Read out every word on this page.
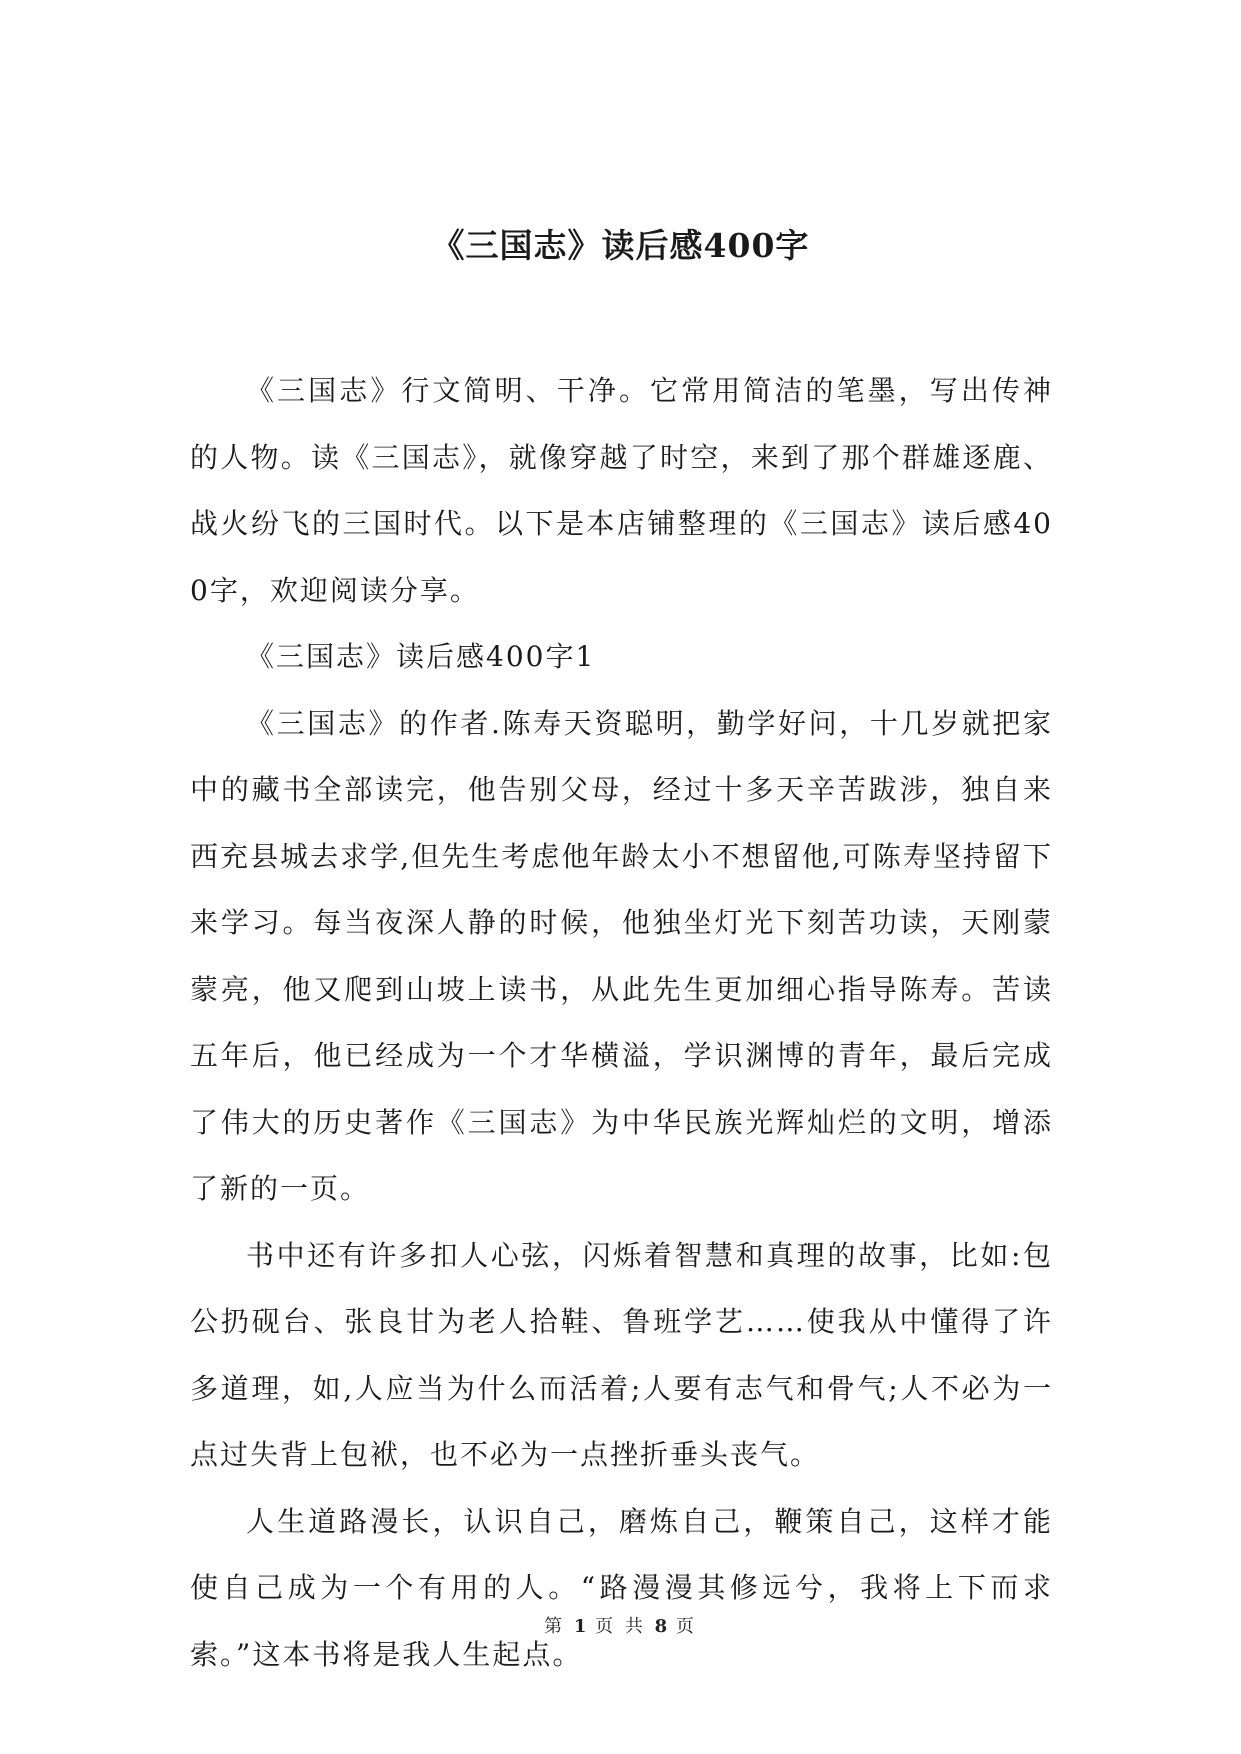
《三国志》读后感400字

《三国志》行文简明、干净。它常用简洁的笔墨，写出传神的人物。读《三国志》，就像穿越了时空，来到了那个群雄逐鹿、战火纷飞的三国时代。以下是本店铺整理的《三国志》读后感400字，欢迎阅读分享。

《三国志》读后感400字1

《三国志》的作者.陈寿天资聪明，勤学好问，十几岁就把家中的藏书全部读完，他告别父母，经过十多天辛苦跋涉，独自来西充县城去求学,但先生考虑他年龄太小不想留他,可陈寿坚持留下来学习。每当夜深人静的时候，他独坐灯光下刻苦功读，天刚蒙蒙亮，他又爬到山坡上读书，从此先生更加细心指导陈寿。苦读五年后，他已经成为一个才华横溢，学识渊博的青年，最后完成了伟大的历史著作《三国志》为中华民族光辉灿烂的文明，增添了新的一页。

书中还有许多扣人心弦，闪烁着智慧和真理的故事，比如:包公扔砚台、张良甘为老人拾鞋、鲁班学艺……使我从中懂得了许多道理，如,人应当为什么而活着;人要有志气和骨气;人不必为一点过失背上包袱，也不必为一点挫折垂头丧气。

人生道路漫长，认识自己，磨炼自己，鞭策自己，这样才能使自己成为一个有用的人。“路漫漫其修远兮，我将上下而求索。”这本书将是我人生起点。

第 1 页 共 8 页
